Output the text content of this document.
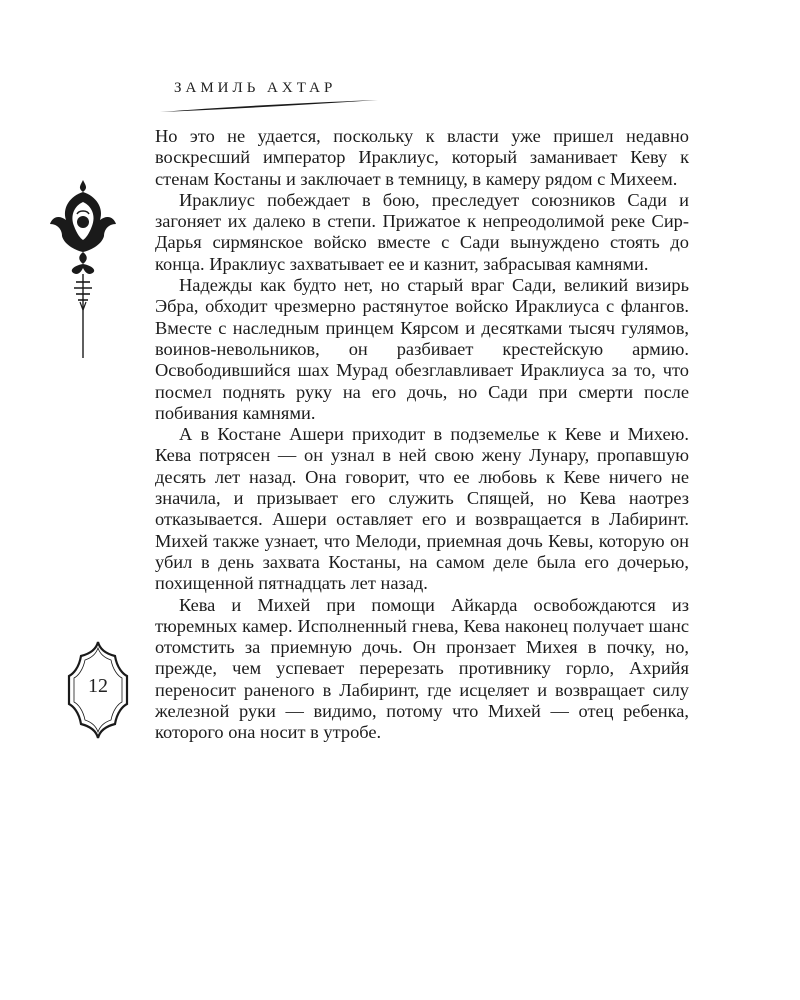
ЗАМИЛЬ АХТАР
12

Но это не удается, поскольку к власти уже пришел недавно воскресший император Ираклиус, который заманивает Кеву к стенам Костаны и заключает в темницу, в камеру рядом с Михеем.

Ираклиус побеждает в бою, преследует союзников Сади и загоняет их далеко в степи. Прижатое к непреодолимой реке Сир-Дарья сирмянское войско вместе с Сади вынуждено стоять до конца. Ираклиус захватывает ее и казнит, забрасывая камнями.

Надежды как будто нет, но старый враг Сади, великий визирь Эбра, обходит чрезмерно растянутое войско Ираклиуса с флангов. Вместе с наследным принцем Кярсом и десятками тысяч гулямов, воинов-невольников, он разбивает крестейскую армию. Освободившийся шах Мурад обезглавливает Ираклиуса за то, что посмел поднять руку на его дочь, но Сади при смерти после побивания камнями.

А в Костане Ашери приходит в подземелье к Кеве и Михею. Кева потрясен — он узнал в ней свою жену Лунару, пропавшую десять лет назад. Она говорит, что ее любовь к Кеве ничего не значила, и призывает его служить Спящей, но Кева наотрез отказывается. Ашери оставляет его и возвращается в Лабиринт. Михей также узнает, что Мелоди, приемная дочь Кевы, которую он убил в день захвата Костаны, на самом деле была его дочерью, похищенной пятнадцать лет назад.

Кева и Михей при помощи Айкарда освобождаются из тюремных камер. Исполненный гнева, Кева наконец получает шанс отомстить за приемную дочь. Он пронзает Михея в почку, но, прежде, чем успевает перерезать противнику горло, Ахрийя переносит раненого в Лабиринт, где исцеляет и возвращает силу железной руки — видимо, потому что Михей — отец ребенка, которого она носит в утробе.
